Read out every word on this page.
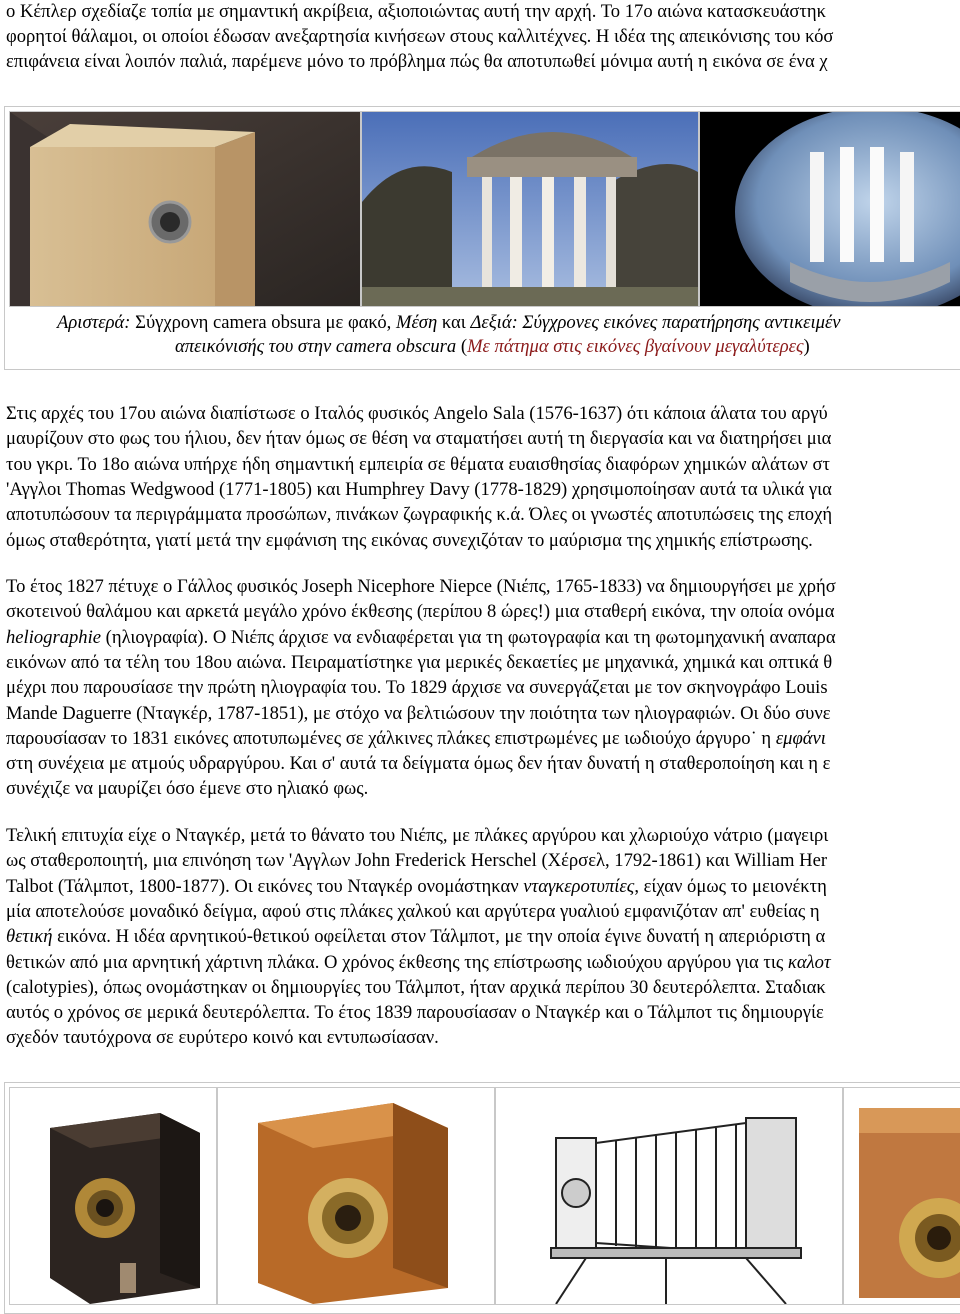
ο Κέπλερ σχεδίαζε τοπία με σημαντική ακρίβεια, αξιοποιώντας αυτή την αρχή. Το 17ο αιώνα κατασκευάστηκ
φορητοί θάλαμοι, οι οποίοι έδωσαν ανεξαρτησία κινήσεων στους καλλιτέχνες. Η ιδέα της απεικόνισης του κόσ
επιφάνεια είναι λοιπόν παλιά, παρέμενε μόνο το πρόβλημα πώς θα αποτυπωθεί μόνιμα αυτή η εικόνα σε ένα χ
Αριστερά: Σύγχρονη camera obsura με φακό, Μέση και Δεξιά: Σύγχρονες εικόνες παρατήρησης αντικειμέν
απεικόνισής του στην camera obscura (Με πάτημα στις εικόνες βγαίνουν μεγαλύτερες)
Στις αρχές του 17ου αιώνα διαπίστωσε ο Ιταλός φυσικός Angelo Sala (1576-1637) ότι κάποια άλατα του αργύ
μαυρίζουν στο φως του ήλιου, δεν ήταν όμως σε θέση να σταματήσει αυτή τη διεργασία και να διατηρήσει μια
του γκρι. Το 18ο αιώνα υπήρχε ήδη σημαντική εμπειρία σε θέματα ευαισθησίας διαφόρων χημικών αλάτων στ
'Αγγλοι Thomas Wedgwood (1771-1805) και Humphrey Davy (1778-1829) χρησιμοποίησαν αυτά τα υλικά για
αποτυπώσουν τα περιγράμματα προσώπων, πινάκων ζωγραφικής κ.ά. Όλες οι γνωστές αποτυπώσεις της εποχή
όμως σταθερότητα, γιατί μετά την εμφάνιση της εικόνας συνεχιζόταν το μαύρισμα της χημικής επίστρωσης.
Το έτος 1827 πέτυχε ο Γάλλος φυσικός Joseph Nicephore Niepce (Νιέπς, 1765-1833) να δημιουργήσει με χρήσ
σκοτεινού θαλάμου και αρκετά μεγάλο χρόνο έκθεσης (περίπου 8 ώρες!) μια σταθερή εικόνα, την οποία ονόμα
heliographie (ηλιογραφία). Ο Νιέπς άρχισε να ενδιαφέρεται για τη φωτογραφία και τη φωτομηχανική αναπαρα
εικόνων από τα τέλη του 18ου αιώνα. Πειραματίστηκε για μερικές δεκαετίες με μηχανικά, χημικά και οπτικά θ
μέχρι που παρουσίασε την πρώτη ηλιογραφία του. Το 1829 άρχισε να συνεργάζεται με τον σκηνογράφο Louis
Mande Daguerre (Νταγκέρ, 1787-1851), με στόχο να βελτιώσουν την ποιότητα των ηλιογραφιών. Οι δύο συνε
παρουσίασαν το 1831 εικόνες αποτυπωμένες σε χάλκινες πλάκες επιστρωμένες με ιωδιούχο άργυρο˙ η εμφάνι
στη συνέχεια με ατμούς υδραργύρου. Και σ' αυτά τα δείγματα όμως δεν ήταν δυνατή η σταθεροποίηση και η ε
συνέχιζε να μαυρίζει όσο έμενε στο ηλιακό φως.
Τελική επιτυχία είχε ο Νταγκέρ, μετά το θάνατο του Νιέπς, με πλάκες αργύρου και χλωριούχο νάτριο (μαγειρι
ως σταθεροποιητή, μια επινόηση των 'Αγγλων John Frederick Herschel (Χέρσελ, 1792-1861) και William Her
Talbot (Τάλμποτ, 1800-1877). Οι εικόνες του Νταγκέρ ονομάστηκαν νταγκεροτυπίες, είχαν όμως το μειονέκτη
μία αποτελούσε μοναδικό δείγμα, αφού στις πλάκες χαλκού και αργύτερα γυαλιού εμφανιζόταν απ' ευθείας η
θετική εικόνα. Η ιδέα αρνητικού-θετικού οφείλεται στον Τάλμποτ, με την οποία έγινε δυνατή η απεριόριστη α
θετικών από μια αρνητική χάρτινη πλάκα. Ο χρόνος έκθεσης της επίστρωσης ιωδιούχου αργύρου για τις καλοτ
(calotypies), όπως ονομάστηκαν οι δημιουργίες του Τάλμποτ, ήταν αρχικά περίπου 30 δευτερόλεπτα. Σταδιακ
αυτός ο χρόνος σε μερικά δευτερόλεπτα. Το έτος 1839 παρουσίασαν ο Νταγκέρ και ο Τάλμποτ τις δημιουργίε
σχεδόν ταυτόχρονα σε ευρύτερο κοινό και εντυπωσίασαν.
